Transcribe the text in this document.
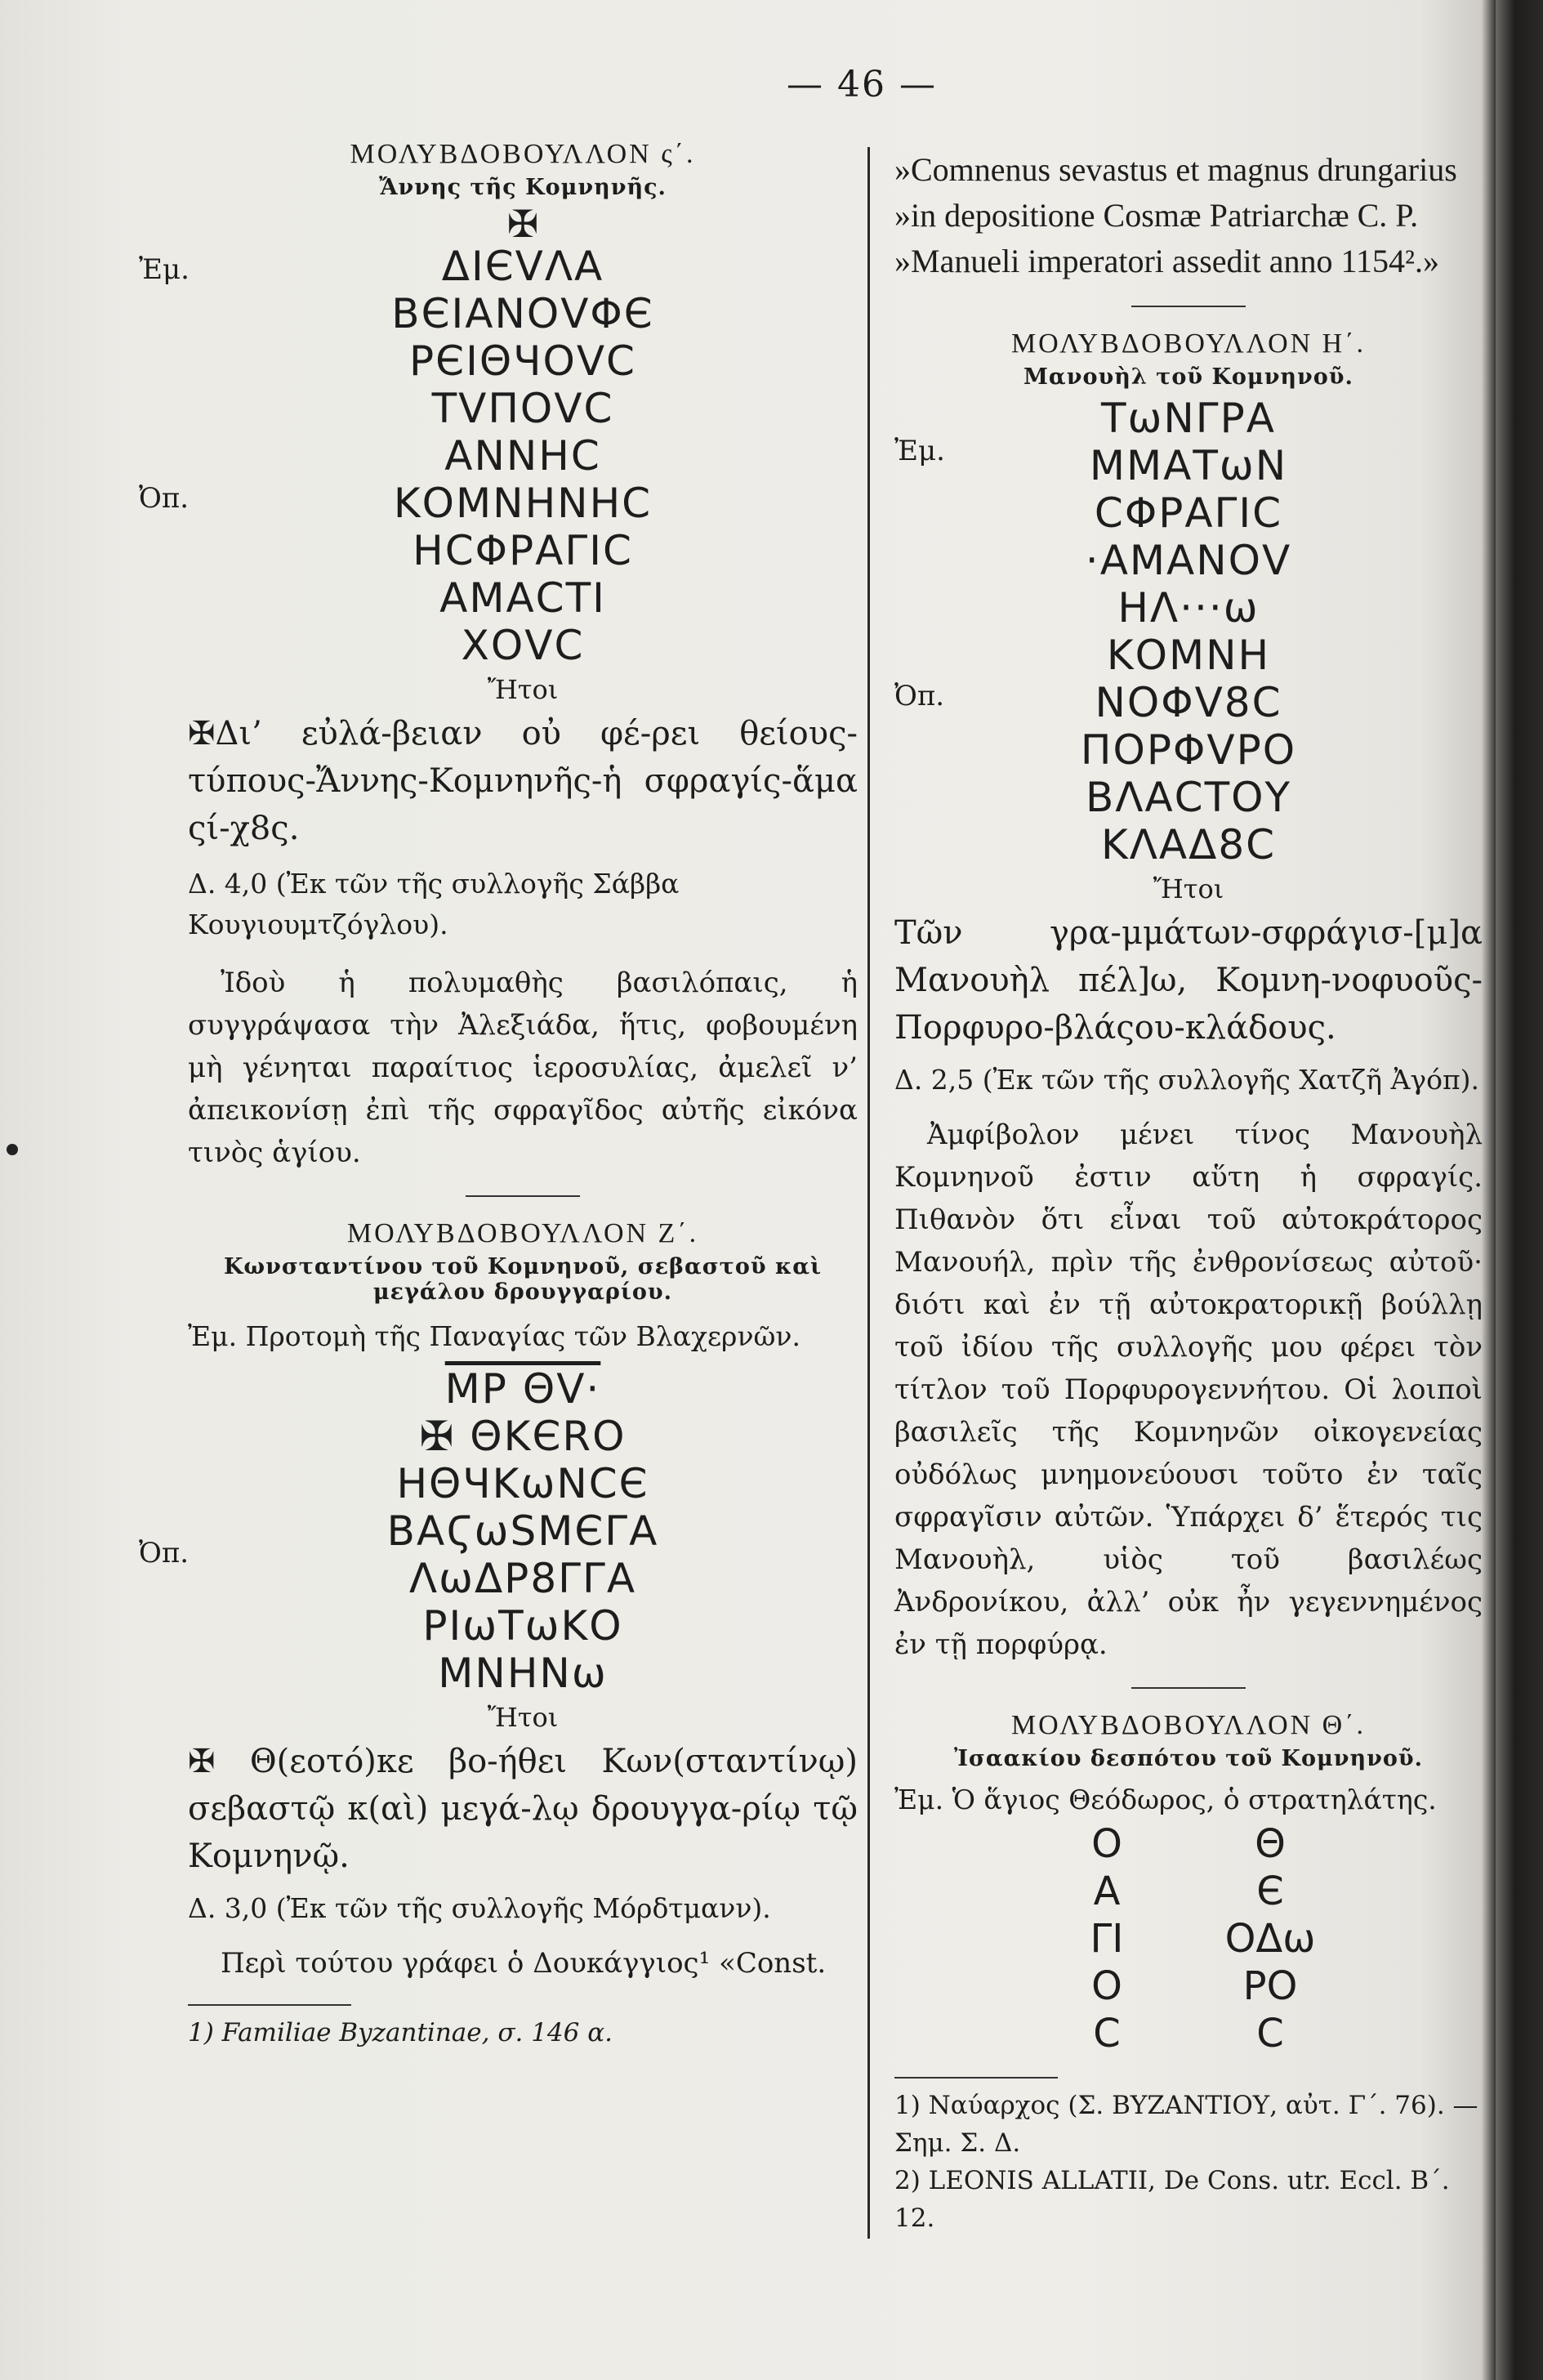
— 46 —

ΜΟΛΥΒΔΟΒΟΥΛΛΟΝ ς΄.

Ἄννης τῆς Κομνηνῆς.

Ἐμ.
✠
ΔΙЄVΛΑ
ΒЄΙΑΝΟVΦЄ
ΡЄΙΘЧΟVϹ
ΤVΠΟVϹ
Ὀπ.
ΑΝΝΗϹ
ΚΟΜΝΗΝΗϹ
ΗϹΦΡΑΓΙϹ
ΑΜΑϹΤΙ
ΧΟVϹ

Ἤτοι

✠Δι’ εὐλά-βειαν οὐ φέ-ρει θείους-τύπους-Ἄννης-Κομνηνῆς-ἡ σφραγίς-ἅμα ςί-χ8ς.

Δ. 4,0 (Ἐκ τῶν τῆς συλλογῆς Σάββα Κουγιουμτζόγλου).

Ἰδοὺ ἡ πολυμαθὴς βασιλόπαις, ἡ συγγράψασα τὴν Ἀλεξιάδα, ἥτις, φοβουμένη μὴ γένηται παραίτιος ἱεροσυλίας, ἀμελεῖ ν’ ἀπεικονίσῃ ἐπὶ τῆς σφραγῖδος αὐτῆς εἰκόνα τινὸς ἁγίου.

ΜΟΛΥΒΔΟΒΟΥΛΛΟΝ Ζ΄.

Κωνσταντίνου τοῦ Κομνηνοῦ, σεβαστοῦ καὶ μεγάλου δρουγγαρίου.

Ἐμ. Προτομὴ τῆς Παναγίας τῶν Βλαχερνῶν.

ΜΡ ΘV·
Ὀπ.
✠ ΘΚЄRΟ
ΗΘЧΚωΝϹЄ
ΒΑϚωSΜЄΓΑ
ΛωΔΡ8ΓΓΑ
ΡΙωΤωΚΟ
ΜΝΗΝω

Ἤτοι

✠ Θ(εοτό)κε βο-ήθει Κων(σταντίνῳ) σεβαστῷ κ(αὶ) μεγά-λῳ δρουγγα-ρίῳ τῷ Κομνηνῷ.

Δ. 3,0 (Ἐκ τῶν τῆς συλλογῆς Μόρδτμανν).

Περὶ τούτου γράφει ὁ Δουκάγγιος¹ «Const.

1) Familiae Byzantinae, σ. 146 α.

»Comnenus sevastus et magnus drungarius

»in depositione Cosmæ Patriarchæ C. P.

»Manueli imperatori assedit anno 1154².»

ΜΟΛΥΒΔΟΒΟΥΛΛΟΝ Η΄.

Μανουὴλ τοῦ Κομνηνοῦ.

Ἐμ.
ΤωΝΓΡΑ
ΜΜΑΤωΝ
ϹΦΡΑΓΙϹ
·ΑΜΑΝΟV
ΗΛ···ω
Ὀπ.
ΚΟΜΝΗ
ΝΟΦV8Ϲ
ΠΟΡΦVΡΟ
ΒΛΑϹΤΟΥ
ΚΛΑΔ8Ϲ

Ἤτοι

Τῶν γρα-μμάτων-σφράγισ-[μ]α Μανουὴλ πέλ]ω, Κομνη-νοφυοῦς-Πορφυρο-βλάςου-κλάδους.

Δ. 2,5 (Ἐκ τῶν τῆς συλλογῆς Χατζῆ Ἀγόπ).

Ἀμφίβολον μένει τίνος Μανουὴλ Κομνηνοῦ ἐστιν αὕτη ἡ σφραγίς. Πιθανὸν ὅτι εἶναι τοῦ αὐτοκράτορος Μανουήλ, πρὶν τῆς ἐνθρονίσεως αὐτοῦ· διότι καὶ ἐν τῇ αὐτοκρατορικῇ βούλλῃ τοῦ ἰδίου τῆς συλλογῆς μου φέρει τὸν τίτλον τοῦ Πορφυρογεννήτου. Οἱ λοιποὶ βασιλεῖς τῆς Κομνηνῶν οἰκογενείας οὐδόλως μνημονεύουσι τοῦτο ἐν ταῖς σφραγῖσιν αὐτῶν. Ὑπάρχει δ’ ἕτερός τις Μανουὴλ, υἱὸς τοῦ βασιλέως Ἀνδρονίκου, ἀλλ’ οὐκ ἦν γεγεννημένος ἐν τῇ πορφύρᾳ.

ΜΟΛΥΒΔΟΒΟΥΛΛΟΝ Θ΄.

Ἰσαακίου δεσπότου τοῦ Κομνηνοῦ.

Ἐμ. Ὁ ἅγιος Θεόδωρος, ὁ στρατηλάτης.

Ο	Θ
Α	Є
ΓΙ	ΟΔω
Ο	ΡΟ
Ϲ	Ϲ

1) Ναύαρχος (Σ. ΒΥΖΑΝΤΙΟΥ, αὐτ. Γ΄. 76). — Σημ. Σ. Δ.

2) LEONIS ALLATII, De Cons. utr. Eccl. Β΄. 12.
